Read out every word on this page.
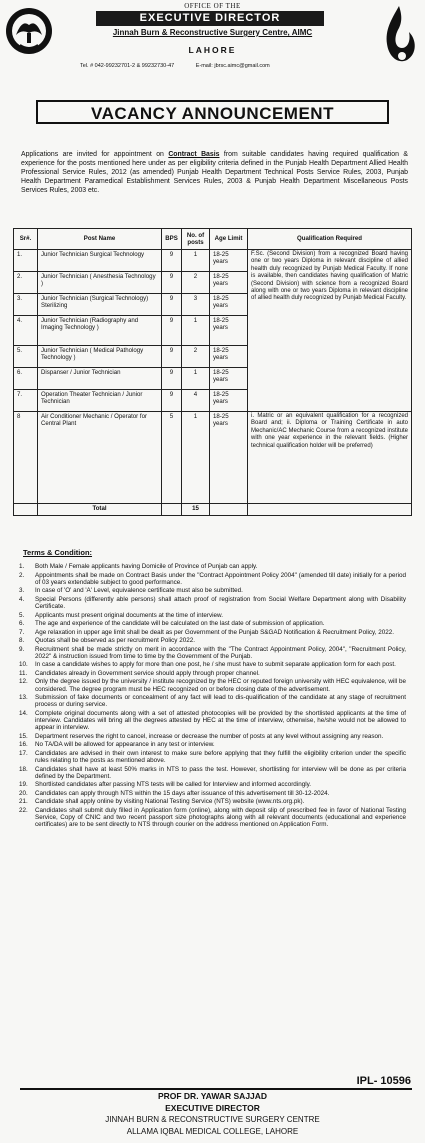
OFFICE OF THE
EXECUTIVE DIRECTOR
Jinnah Burn & Reconstructive Surgery Centre, AIMC
LAHORE
Tel. # 042-99232701-2 & 99232730-47	E-mail: jbrsc.aimc@gmail.com
VACANCY ANNOUNCEMENT
Applications are invited for appointment on Contract Basis from suitable candidates having required qualification & experience for the posts mentioned here under as per eligibility criteria defined in the Punjab Health Department Allied Health Professional Service Rules, 2012 (as amended) Punjab Health Department Technical Posts Service Rules, 2003, Punjab Health Department Paramedical Establishment Services Rules, 2003 & Punjab Health Department Miscellaneous Posts Services Rules, 2003 etc.
Sr#.	Post Name	BPS	No. of posts	Age Limit	Qualification Required
1.	Junior Technician Surgical Technology	9	1	18-25 years	F.Sc. (Second Division) from a recognized Board having one or two years Diploma in relevant discipline of allied health duly recognized by Punjab Medical Faculty. If none is available, then candidates having qualification of Matric (Second Division) with science from a recognized Board along with one or two years Diploma in relevant discipline of allied health duly recognized by Punjab Medical Faculty.
2.	Junior Technician ( Anesthesia Technology )	9	2	18-25 years	
3.	Junior Technician (Surgical Technology) Sterilizing	9	3	18-25 years	
4.	Junior Technician (Radiography and Imaging Technology )	9	1	18-25 years	
5.	Junior Technician ( Medical Pathology Technology )	9	2	18-25 years	
6.	Dispanser / Junior Technician	9	1	18-25 years	
7.	Operation Theater Technician / Junior Technician	9	4	18-25 years	
8	Air Conditioner Mechanic / Operator for Central Plant	5	1	18-25 years	i. Matric or an equivalent qualification for a recognized Board and; ii. Diploma or Training Certificate in auto Mechanic/AC Mechanic Course from a recognized institute with one year experience in the relevant fields. (Higher technical qualification holder will be preferred)
	Total		15		
Terms & Condition:
1.	Both Male / Female applicants having Domicile of Province of Punjab can apply.
2.	Appointments shall be made on Contract Basis under the "Contract Appointment Policy 2004" (amended till date) initially for a period of 03 years extendable subject to good performance.
3.	In case of 'O' and 'A' Level, equivalence certificate must also be submitted.
4.	Special Persons (differently able persons) shall attach proof of registration from Social Welfare Department along with Disability Certificate.
5.	Applicants must present original documents at the time of interview.
6.	The age and experience of the candidate will be calculated on the last date of submission of application.
7.	Age relaxation in upper age limit shall be dealt as per Government of the Punjab S&GAD Notification & Recruitment Policy, 2022.
8.	Quotas shall be observed as per recruitment Policy 2022.
9.	Recruitment shall be made strictly on merit in accordance with the "The Contract Appointment Policy, 2004", "Recruitment Policy, 2022" & instruction issued from time to time by the Government of the Punjab.
10.	In case a candidate wishes to apply for more than one post, he / she must have to submit separate application form for each post.
11.	Candidates already in Government service should apply through proper channel.
12.	Only the degree issued by the university / institute recognized by the HEC or reputed foreign university with HEC equivalence, will be considered. The degree program must be HEC recognized on or before closing date of the advertisement.
13.	Submission of fake documents or concealment of any fact will lead to dis-qualification of the candidate at any stage of recruitment process or during service.
14.	Complete original documents along with a set of attested photocopies will be provided by the shortlisted applicants at the time of interview. Candidates will bring all the degrees attested by HEC at the time of interview, otherwise, he/she would not be allowed to appear in interview.
15.	Department reserves the right to cancel, increase or decrease the number of posts at any level without assigning any reason.
16.	No TA/DA will be allowed for appearance in any test or interview.
17.	Candidates are advised in their own interest to make sure before applying that they fulfill the eligibility criterion under the specific rules relating to the posts as mentioned above.
18.	Candidates shall have at least 50% marks in NTS to pass the test. However, shortlisting for interview will be done as per criteria defined by the Department.
19.	Shortlisted candidates after passing NTS tests will be called for Interview and informed accordingly.
20.	Candidates can apply through NTS within the 15 days after issuance of this advertisement till 30-12-2024.
21.	Candidate shall apply online by visiting National Testing Service (NTS) website (www.nts.org.pk).
22.	Candidates shall submit duly filled in Application form (online), along with deposit slip of prescribed fee in favor of National Testing Service, Copy of CNIC and two recent passport size photographs along with all relevant documents (educational and experience certificates) are to be sent directly to NTS through courier on the address mentioned on Application Form.
IPL- 10596
PROF DR. YAWAR SAJJAD
EXECUTIVE DIRECTOR
JINNAH BURN & RECONSTRUCTIVE SURGERY CENTRE
ALLAMA IQBAL MEDICAL COLLEGE, LAHORE
